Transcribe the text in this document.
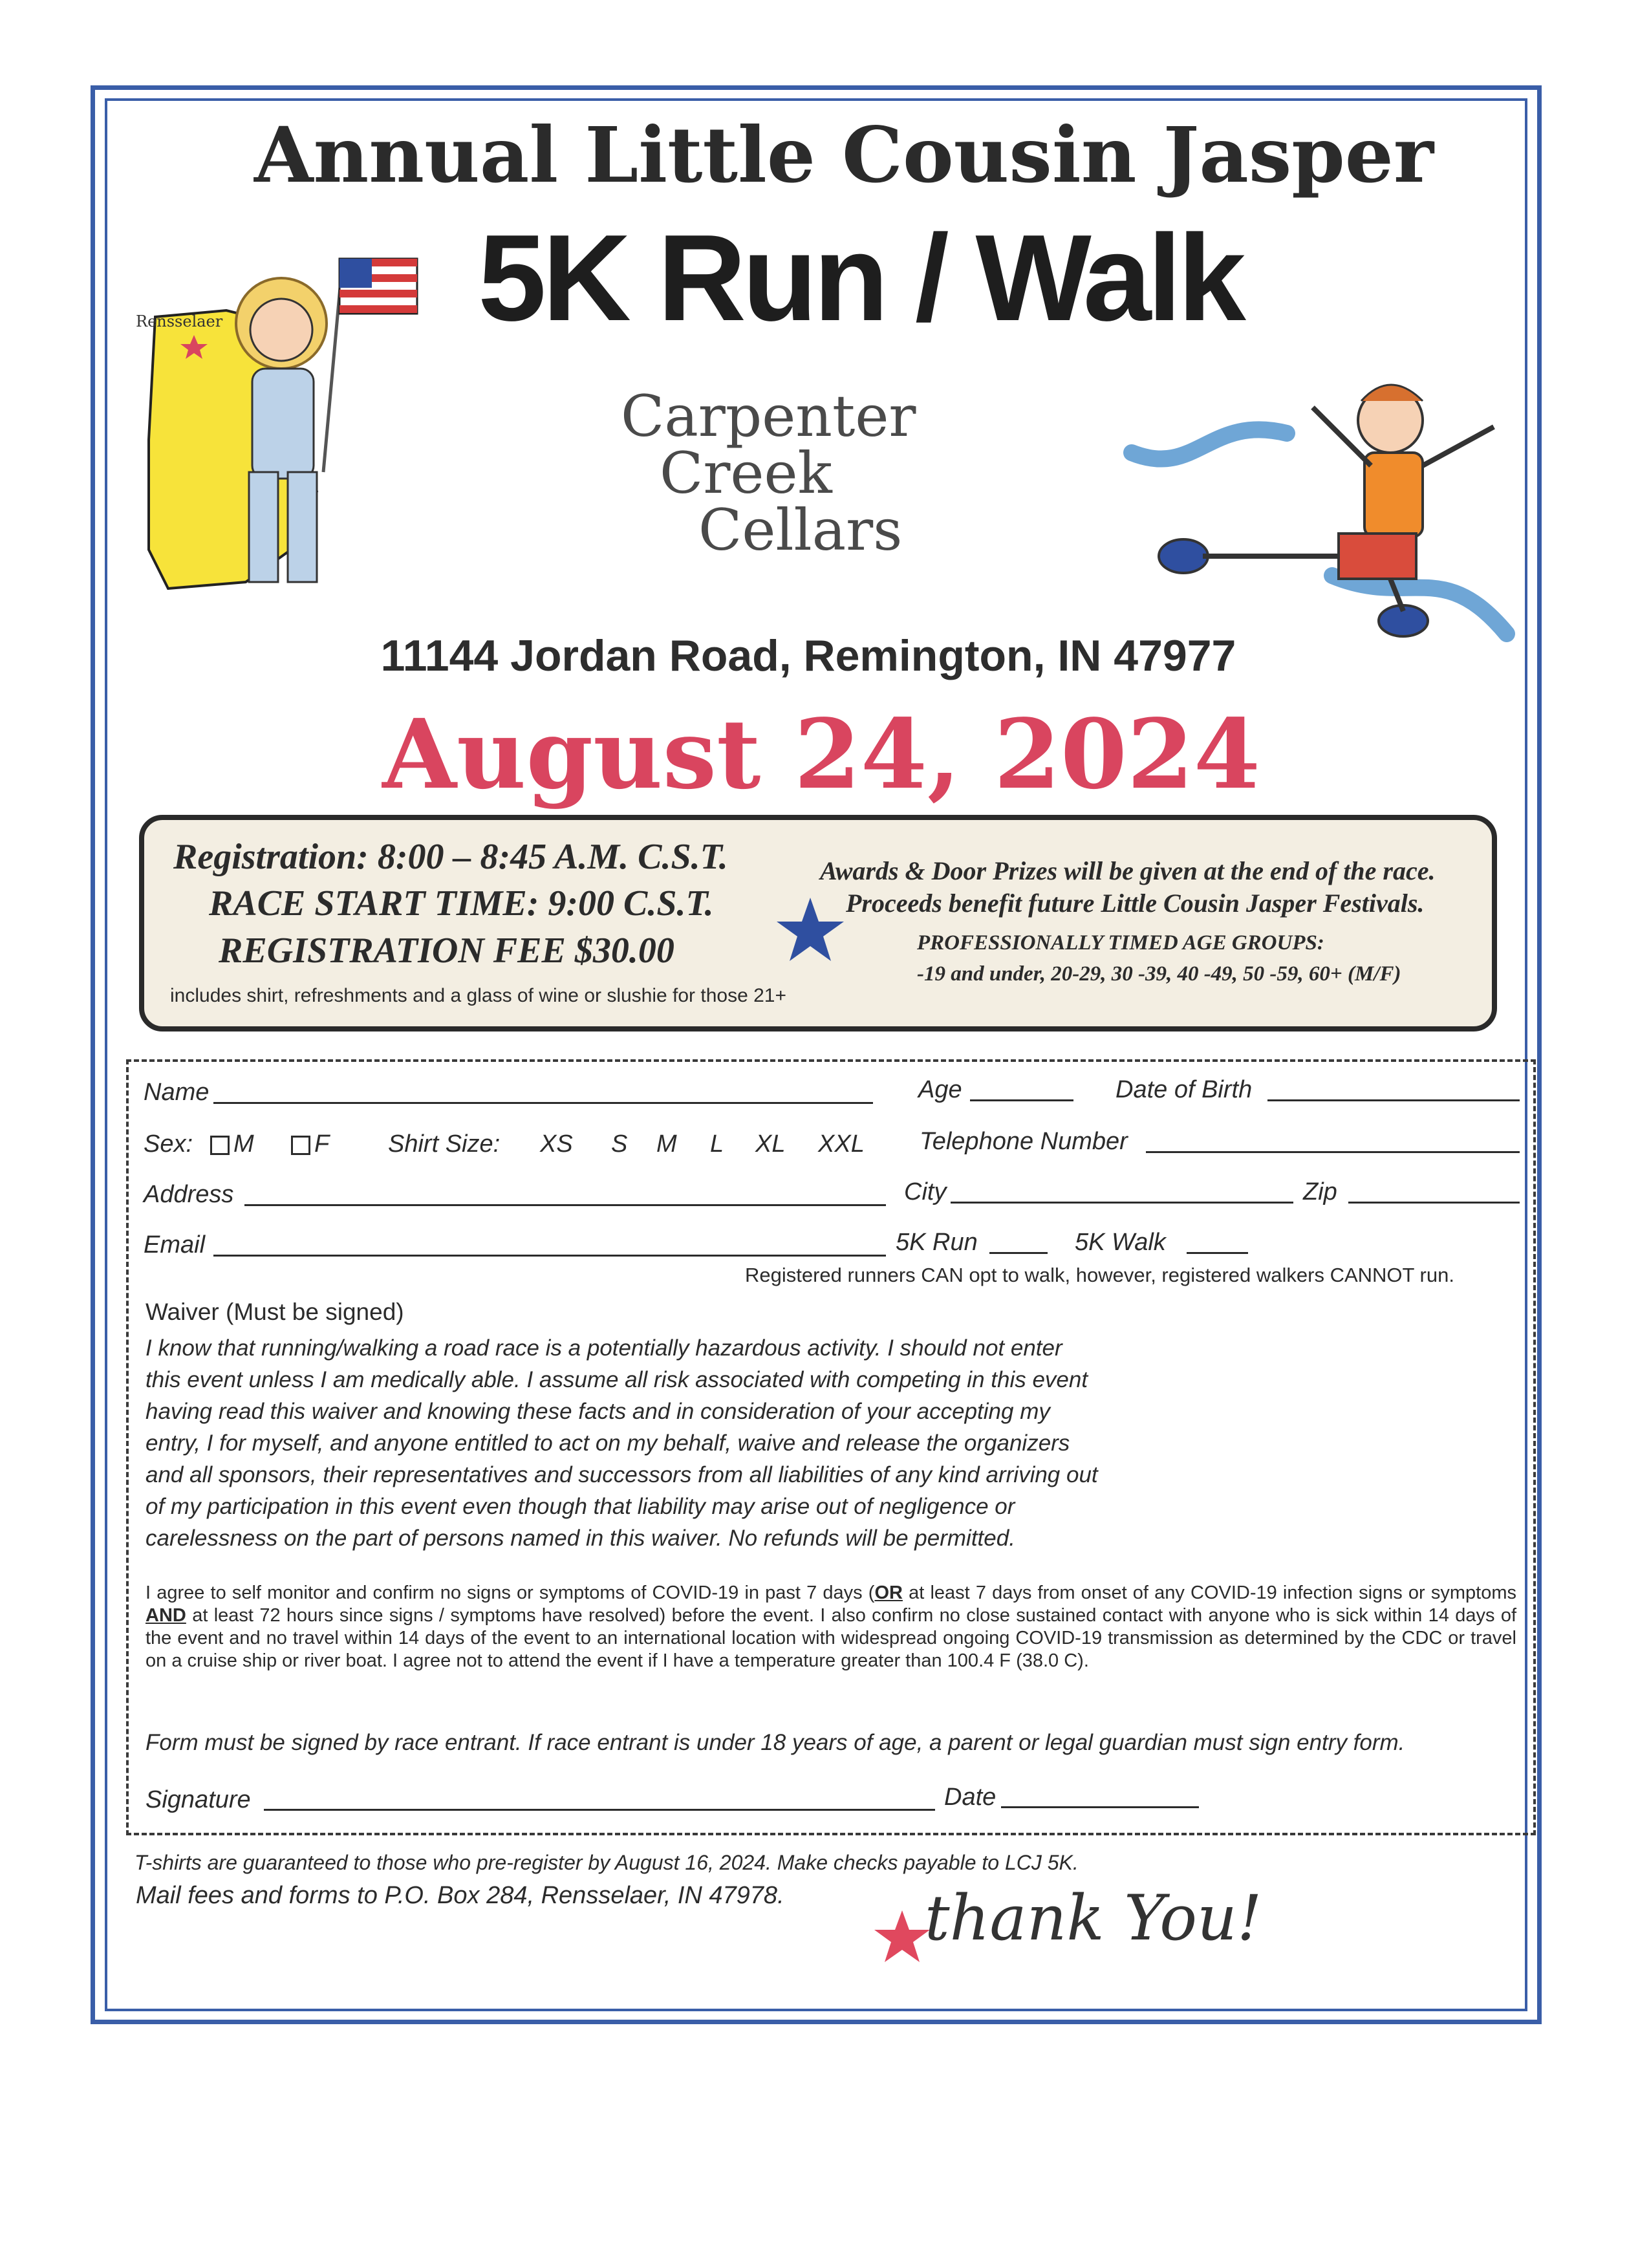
Annual Little Cousin Jasper
5K Run / Walk
Rensselaer
Carpenter
Creek
Cellars
11144 Jordan Road, Remington, IN 47977
August 24, 2024
Registration: 8:00 – 8:45 A.M. C.S.T.
RACE START TIME: 9:00 C.S.T.
REGISTRATION FEE $30.00
includes shirt, refreshments and a glass of wine or slushie for those 21+
Awards & Door Prizes will be given at the end of the race.
Proceeds benefit future Little Cousin Jasper Festivals.
PROFESSIONALLY TIMED AGE GROUPS:
-19 and under, 20-29, 30 -39, 40 -49, 50 -59, 60+ (M/F)
Name	Age	Date of Birth
Sex:	M	F Shirt Size: XS S M L XL XXL Telephone Number
Address	City	Zip
Email	5K Run	5K Walk
Registered runners CAN opt to walk, however, registered walkers CANNOT run.
Waiver (Must be signed)
I know that running/walking a road race is a potentially hazardous activity. I should not enter this event unless I am medically able. I assume all risk associated with competing in this event having read this waiver and knowing these facts and in consideration of your accepting my entry, I for myself, and anyone entitled to act on my behalf, waive and release the organizers and all sponsors, their representatives and successors from all liabilities of any kind arriving out of my participation in this event even though that liability may arise out of negligence or carelessness on the part of persons named in this waiver. No refunds will be permitted.
I agree to self monitor and confirm no signs or symptoms of COVID-19 in past 7 days (OR at least 7 days from onset of any COVID-19 infection signs or symptoms AND at least 72 hours since signs / symptoms have resolved) before the event. I also confirm no close sustained contact with anyone who is sick within 14 days of the event and no travel within 14 days of the event to an international location with widespread ongoing COVID-19 transmission as determined by the CDC or travel on a cruise ship or river boat. I agree not to attend the event if I have a temperature greater than 100.4 F (38.0 C).
Form must be signed by race entrant. If race entrant is under 18 years of age, a parent or legal guardian must sign entry form.
Signature	Date
T-shirts are guaranteed to those who pre-register by August 16, 2024. Make checks payable to LCJ 5K.
Mail fees and forms to P.O. Box 284, Rensselaer, IN 47978. thank You!
